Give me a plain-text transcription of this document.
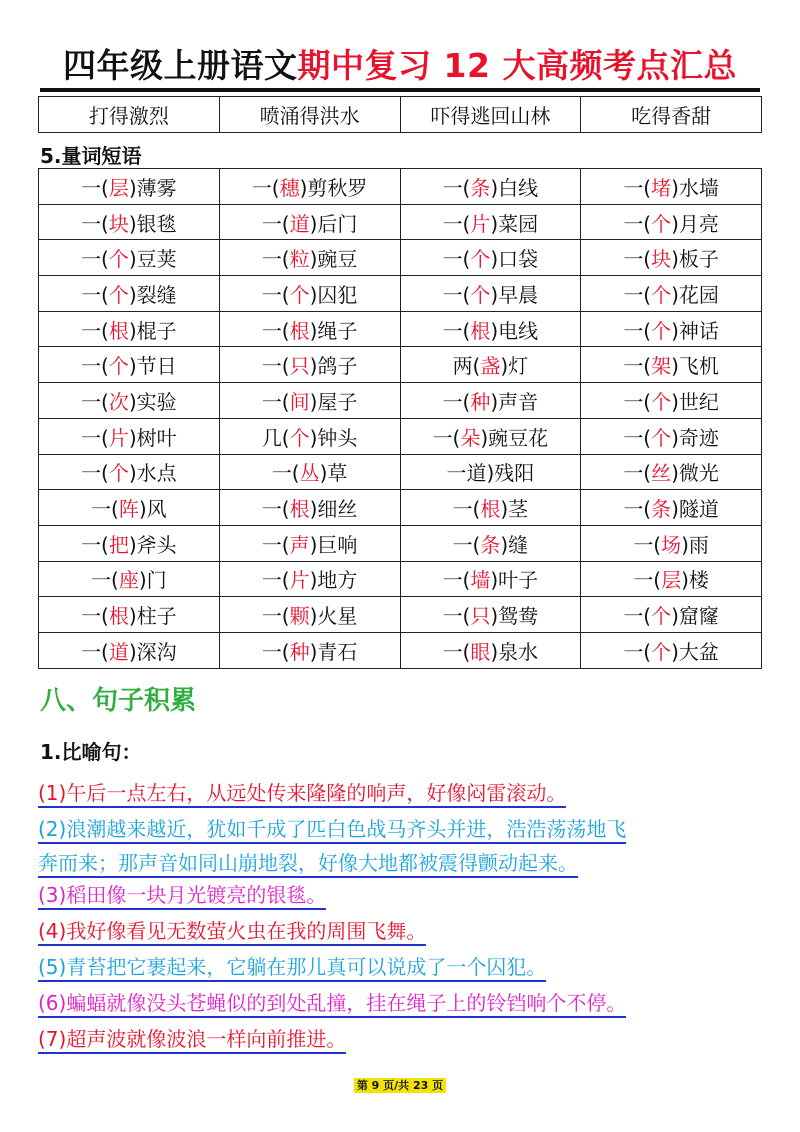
四年级上册语文期中复习 12 大高频考点汇总
打得激烈	喷涌得洪水	吓得逃回山林	吃得香甜
5.量词短语
一(层)薄雾	一(穗)剪秋罗	一(条)白线	一(堵)水墙
一(块)银毯	一(道)后门	一(片)菜园	一(个)月亮
一(个)豆荚	一(粒)豌豆	一(个)口袋	一(块)板子
一(个)裂缝	一(个)囚犯	一(个)早晨	一(个)花园
一(根)棍子	一(根)绳子	一(根)电线	一(个)神话
一(个)节日	一(只)鸽子	两(盏)灯	一(架)飞机
一(次)实验	一(间)屋子	一(种)声音	一(个)世纪
一(片)树叶	几(个)钟头	一(朵)豌豆花	一(个)奇迹
一(个)水点	一(丛)草	一道)残阳	一(丝)微光
一(阵)风	一(根)细丝	一(根)茎	一(条)隧道
一(把)斧头	一(声)巨响	一(条)缝	一(场)雨
一(座)门	一(片)地方	一(墙)叶子	一(层)楼
一(根)柱子	一(颗)火星	一(只)鸳鸯	一(个)窟窿
一(道)深沟	一(种)青石	一(眼)泉水	一(个)大盆
八、句子积累
1.比喻句：
(1)午后一点左右，从远处传来隆隆的响声，好像闷雷滚动。
(2)浪潮越来越近，犹如千成了匹白色战马齐头并进，浩浩荡荡地飞
奔而来；那声音如同山崩地裂，好像大地都被震得颤动起来。
(3)稻田像一块月光镀亮的银毯。
(4)我好像看见无数萤火虫在我的周围飞舞。
(5)青苔把它裹起来，它躺在那儿真可以说成了一个囚犯。
(6)蝙蝠就像没头苍蝇似的到处乱撞，挂在绳子上的铃铛响个不停。
(7)超声波就像波浪一样向前推进。
第 9 页/共 23 页
